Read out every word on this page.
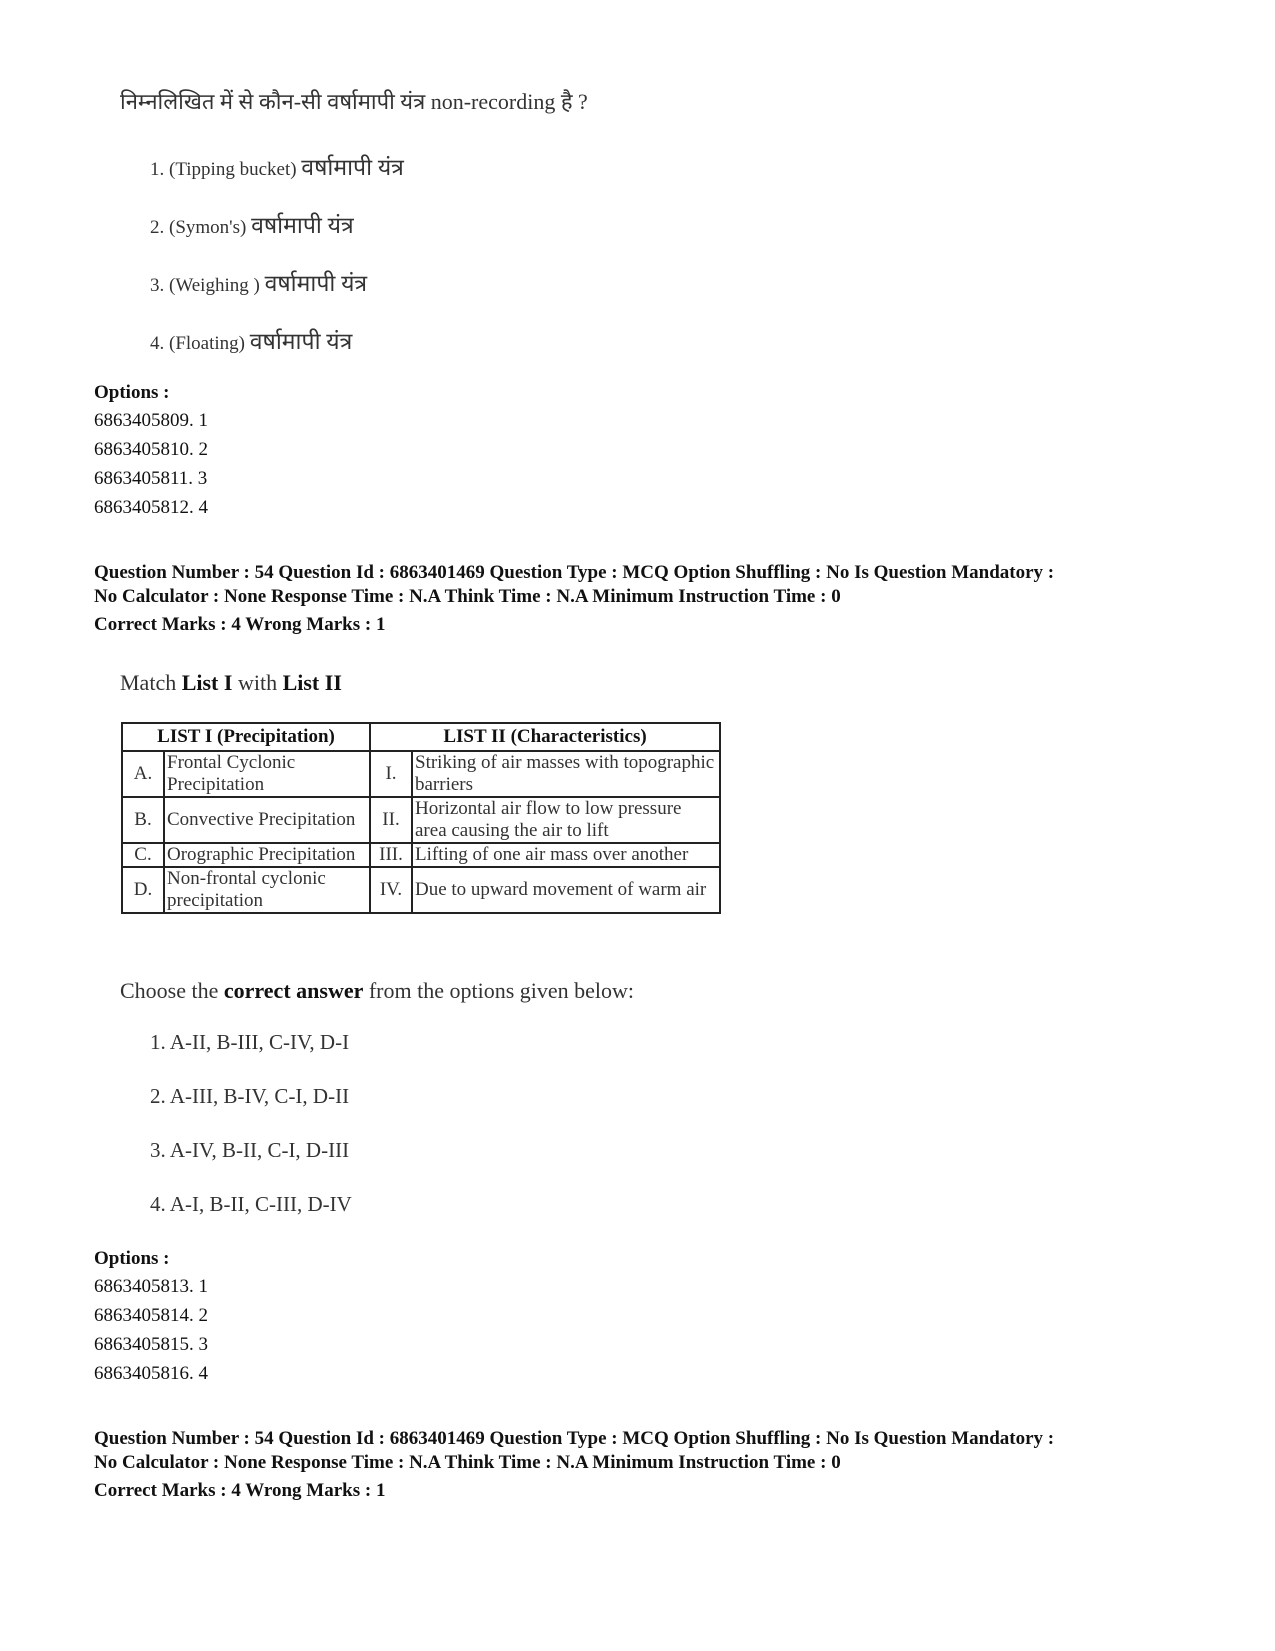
निम्नलिखित में से कौन-सी वर्षामापी यंत्र non-recording है ?
1. (Tipping bucket) वर्षामापी यंत्र
2. (Symon's) वर्षामापी यंत्र
3. (Weighing ) वर्षामापी यंत्र
4. (Floating) वर्षामापी यंत्र
Options :
6863405809. 1
6863405810. 2
6863405811. 3
6863405812. 4
Question Number : 54 Question Id : 6863401469 Question Type : MCQ Option Shuffling : No Is Question Mandatory :
No Calculator : None Response Time : N.A Think Time : N.A Minimum Instruction Time : 0
Correct Marks : 4 Wrong Marks : 1
Match List I with List II
LIST I (Precipitation)		LIST II (Characteristics)	
A.	Frontal Cyclonic Precipitation	I.	Striking of air masses with topographic barriers
B.	Convective Precipitation	II.	Horizontal air flow to low pressure area causing the air to lift
C.	Orographic Precipitation	III.	Lifting of one air mass over another
D.	Non-frontal cyclonic precipitation	IV.	Due to upward movement of warm air
Choose the correct answer from the options given below:
1. A-II, B-III, C-IV, D-I
2. A-III, B-IV, C-I, D-II
3. A-IV, B-II, C-I, D-III
4. A-I, B-II, C-III, D-IV
Options :
6863405813. 1
6863405814. 2
6863405815. 3
6863405816. 4
Question Number : 54 Question Id : 6863401469 Question Type : MCQ Option Shuffling : No Is Question Mandatory :
No Calculator : None Response Time : N.A Think Time : N.A Minimum Instruction Time : 0
Correct Marks : 4 Wrong Marks : 1
